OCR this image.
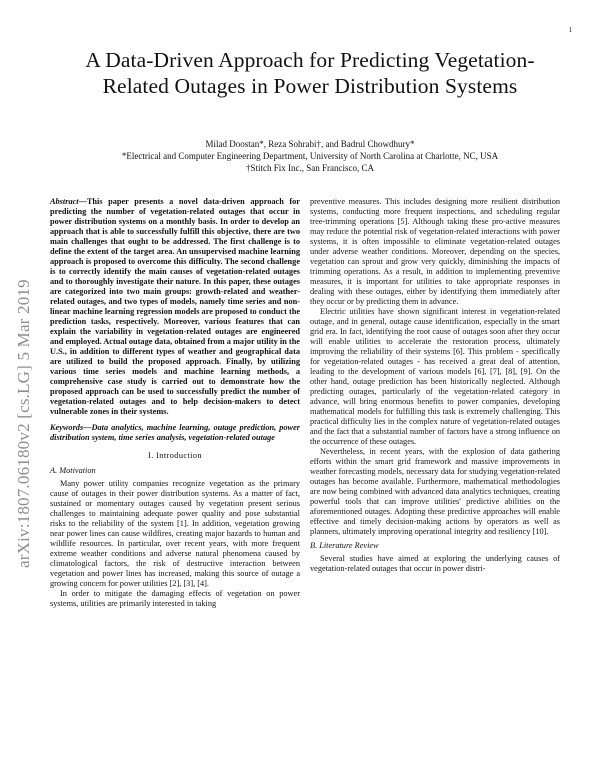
1
arXiv:1807.06180v2 [cs.LG] 5 Mar 2019
A Data-Driven Approach for Predicting Vegetation-Related Outages in Power Distribution Systems
Milad Doostan*, Reza Sohrabi†, and Badrul Chowdhury*
*Electrical and Computer Engineering Department, University of North Carolina at Charlotte, NC, USA
†Stitch Fix Inc., San Francisco, CA
Abstract—This paper presents a novel data-driven approach for predicting the number of vegetation-related outages that occur in power distribution systems on a monthly basis. In order to develop an approach that is able to successfully fulfill this objective, there are two main challenges that ought to be addressed. The first challenge is to define the extent of the target area. An unsupervised machine learning approach is proposed to overcome this difficulty. The second challenge is to correctly identify the main causes of vegetation-related outages and to thoroughly investigate their nature. In this paper, these outages are categorized into two main groups: growth-related and weather-related outages, and two types of models, namely time series and non-linear machine learning regression models are proposed to conduct the prediction tasks, respectively. Moreover, various features that can explain the variability in vegetation-related outages are engineered and employed. Actual outage data, obtained from a major utility in the U.S., in addition to different types of weather and geographical data are utilized to build the proposed approach. Finally, by utilizing various time series models and machine learning methods, a comprehensive case study is carried out to demonstrate how the proposed approach can be used to successfully predict the number of vegetation-related outages and to help decision-makers to detect vulnerable zones in their systems.
Keywords—Data analytics, machine learning, outage prediction, power distribution system, time series analysis, vegetation-related outage
I. Introduction
A. Motivation

Many power utility companies recognize vegetation as the primary cause of outages in their power distribution systems. As a matter of fact, sustained or momentary outages caused by vegetation present serious challenges to maintaining adequate power quality and pose substantial risks to the reliability of the system [1]. In addition, vegetation growing near power lines can cause wildfires, creating major hazards to human and wildlife resources. In particular, over recent years, with more frequent extreme weather conditions and adverse natural phenomena caused by climatological factors, the risk of destructive interaction between vegetation and power lines has increased, making this source of outage a growing concern for power utilities [2], [3], [4].

In order to mitigate the damaging effects of vegetation on power systems, utilities are primarily interested in taking

preventive measures. This includes designing more resilient distribution systems, conducting more frequent inspections, and scheduling regular tree-trimming operations [5]. Although taking these pro-active measures may reduce the potential risk of vegetation-related interactions with power systems, it is often impossible to eliminate vegetation-related outages under adverse weather conditions. Moreover, depending on the species, vegetation can sprout and grow very quickly, diminishing the impacts of trimming operations. As a result, in addition to implementing preventive measures, it is important for utilities to take appropriate responses in dealing with these outages, either by identifying them immediately after they occur or by predicting them in advance.

Electric utilities have shown significant interest in vegetation-related outage, and in general, outage cause identification, especially in the smart grid era. In fact, identifying the root cause of outages soon after they occur will enable utilities to accelerate the restoration process, ultimately improving the reliability of their systems [6]. This problem - specifically for vegetation-related outages - has received a great deal of attention, leading to the development of various models [6], [7], [8], [9]. On the other hand, outage prediction has been historically neglected. Although predicting outages, particularly of the vegetation-related category in advance, will bring enormous benefits to power companies, developing mathematical models for fulfilling this task is extremely challenging. This practical difficulty lies in the complex nature of vegetation-related outages and the fact that a substantial number of factors have a strong influence on the occurrence of these outages.

Nevertheless, in recent years, with the explosion of data gathering efforts within the smart grid framework and massive improvements in weather forecasting models, necessary data for studying vegetation-related outages has become available. Furthermore, mathematical methodologies are now being combined with advanced data analytics techniques, creating powerful tools that can improve utilities' predictive abilities on the aforementioned outages. Adopting these predictive approaches will enable effective and timely decision-making actions by operators as well as planners, ultimately improving operational integrity and resiliency [10].

B. Literature Review

Several studies have aimed at exploring the underlying causes of vegetation-related outages that occur in power distri-
